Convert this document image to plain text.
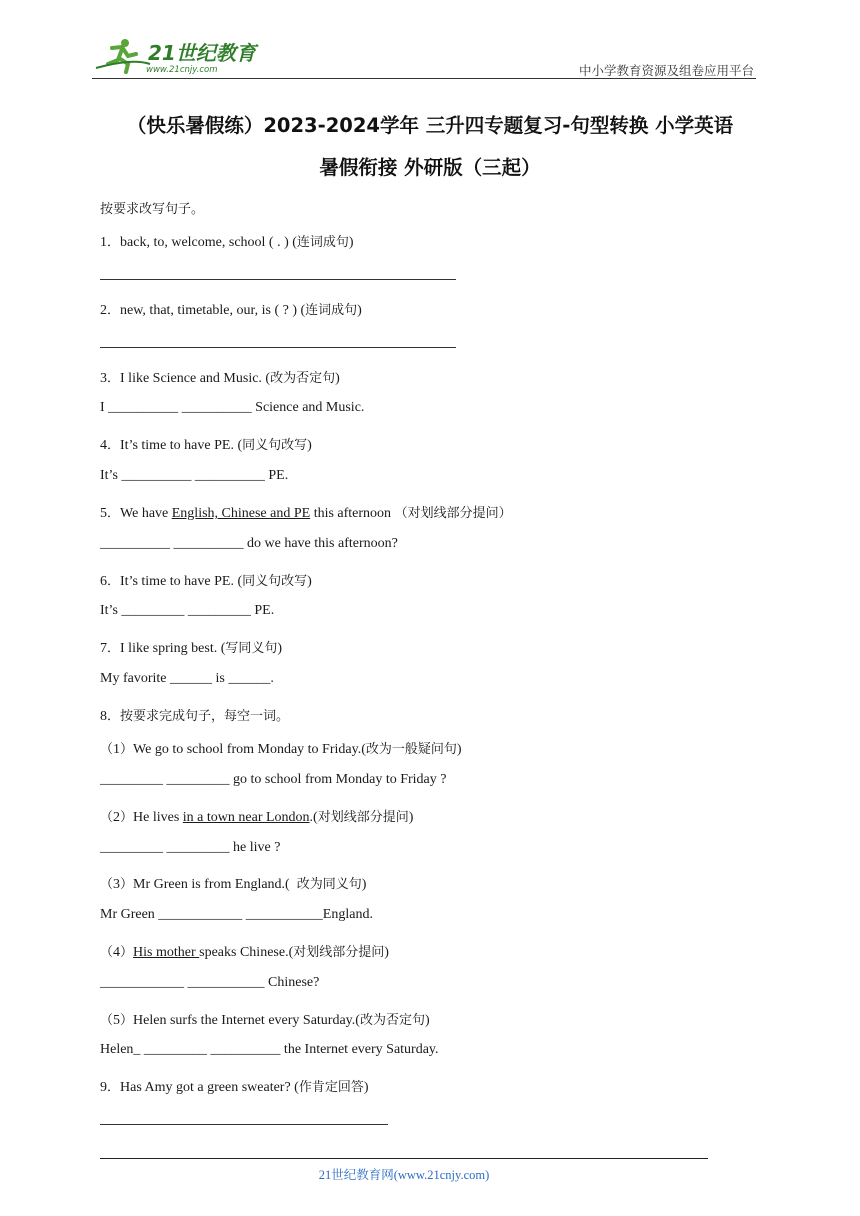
21世纪教育
www.21cnjy.com	中小学教育资源及组卷应用平台
（快乐暑假练）2023-2024学年 三升四专题复习-句型转换 小学英语
暑假衔接 外研版（三起）
按要求改写句子。
1．back, to, welcome, school ( . ) (连词成句)
2．new, that, timetable, our, is ( ? ) (连词成句)
3．I like Science and Music. (改为否定句)
I __________ __________ Science and Music.
4．It’s time to have PE. (同义句改写)
It’s __________ __________ PE.
5．We have English, Chinese and PE this afternoon （对划线部分提问）
__________ __________ do we have this afternoon?
6．It’s time to have PE. (同义句改写)
It’s _________ _________ PE.
7．I like spring best. (写同义句)
My favorite ______ is ______.
8．按要求完成句子，每空一词。
（1）We go to school from Monday to Friday.(改为一般疑问句)
_________ _________ go to school from Monday to Friday ?
（2）He lives in a town near London.(对划线部分提问)
_________ _________ he live ?
（3）Mr Green is from England.(  改为同义句)
Mr Green ____________ ___________England.
（4）His mother speaks Chinese.(对划线部分提问)
____________ ___________ Chinese?
（5）Helen surfs the Internet every Saturday.(改为否定句)
Helen_ _________ __________ the Internet every Saturday.
9．Has Amy got a green sweater? (作肯定回答)
21世纪教育网(www.21cnjy.com)
